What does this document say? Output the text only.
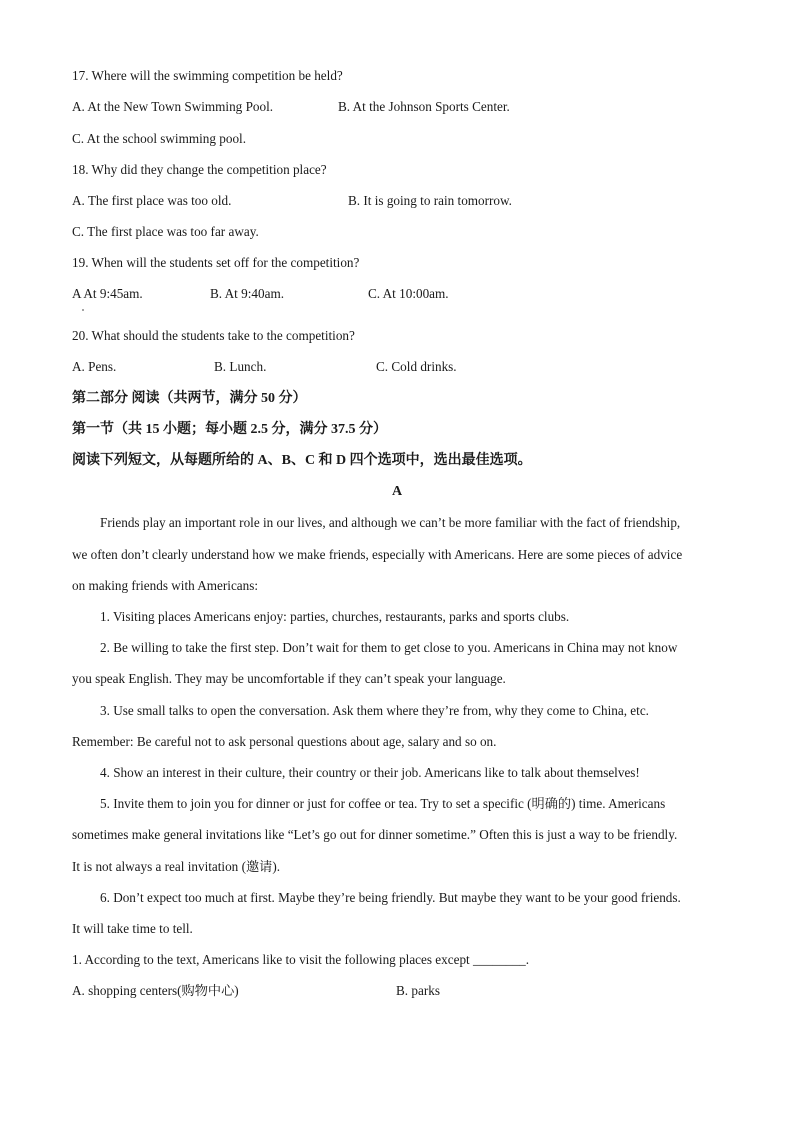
17. Where will the swimming competition be held?
A. At the New Town Swimming Pool.	B. At the Johnson Sports Center.
C. At the school swimming pool.
18. Why did they change the competition place?
A. The first place was too old.	B. It is going to rain tomorrow.
C. The first place was too far away.
19. When will the students set off for the competition?
A At 9:45am.	B. At 9:40am.	C. At 10:00am.
20. What should the students take to the competition?
A. Pens.	B. Lunch.	C. Cold drinks.
第二部分 阅读（共两节，满分 50 分）
第一节（共 15 小题；每小题 2.5 分，满分 37.5 分）
阅读下列短文，从每题所给的 A、B、C 和 D 四个选项中，选出最佳选项。
A
Friends play an important role in our lives, and although we can’t be more familiar with the fact of friendship,
we often don’t clearly understand how we make friends, especially with Americans. Here are some pieces of advice
on making friends with Americans:
1. Visiting places Americans enjoy: parties, churches, restaurants, parks and sports clubs.
2. Be willing to take the first step. Don’t wait for them to get close to you. Americans in China may not know
you speak English. They may be uncomfortable if they can’t speak your language.
3. Use small talks to open the conversation. Ask them where they’re from, why they come to China, etc.
Remember: Be careful not to ask personal questions about age, salary and so on.
4. Show an interest in their culture, their country or their job. Americans like to talk about themselves!
5. Invite them to join you for dinner or just for coffee or tea. Try to set a specific (明确的) time. Americans
sometimes make general invitations like “Let’s go out for dinner sometime.” Often this is just a way to be friendly.
It is not always a real invitation (邀请).
6. Don’t expect too much at first. Maybe they’re being friendly. But maybe they want to be your good friends.
It will take time to tell.
1. According to the text, Americans like to visit the following places except ________.
A. shopping centers(购物中心)	B. parks
